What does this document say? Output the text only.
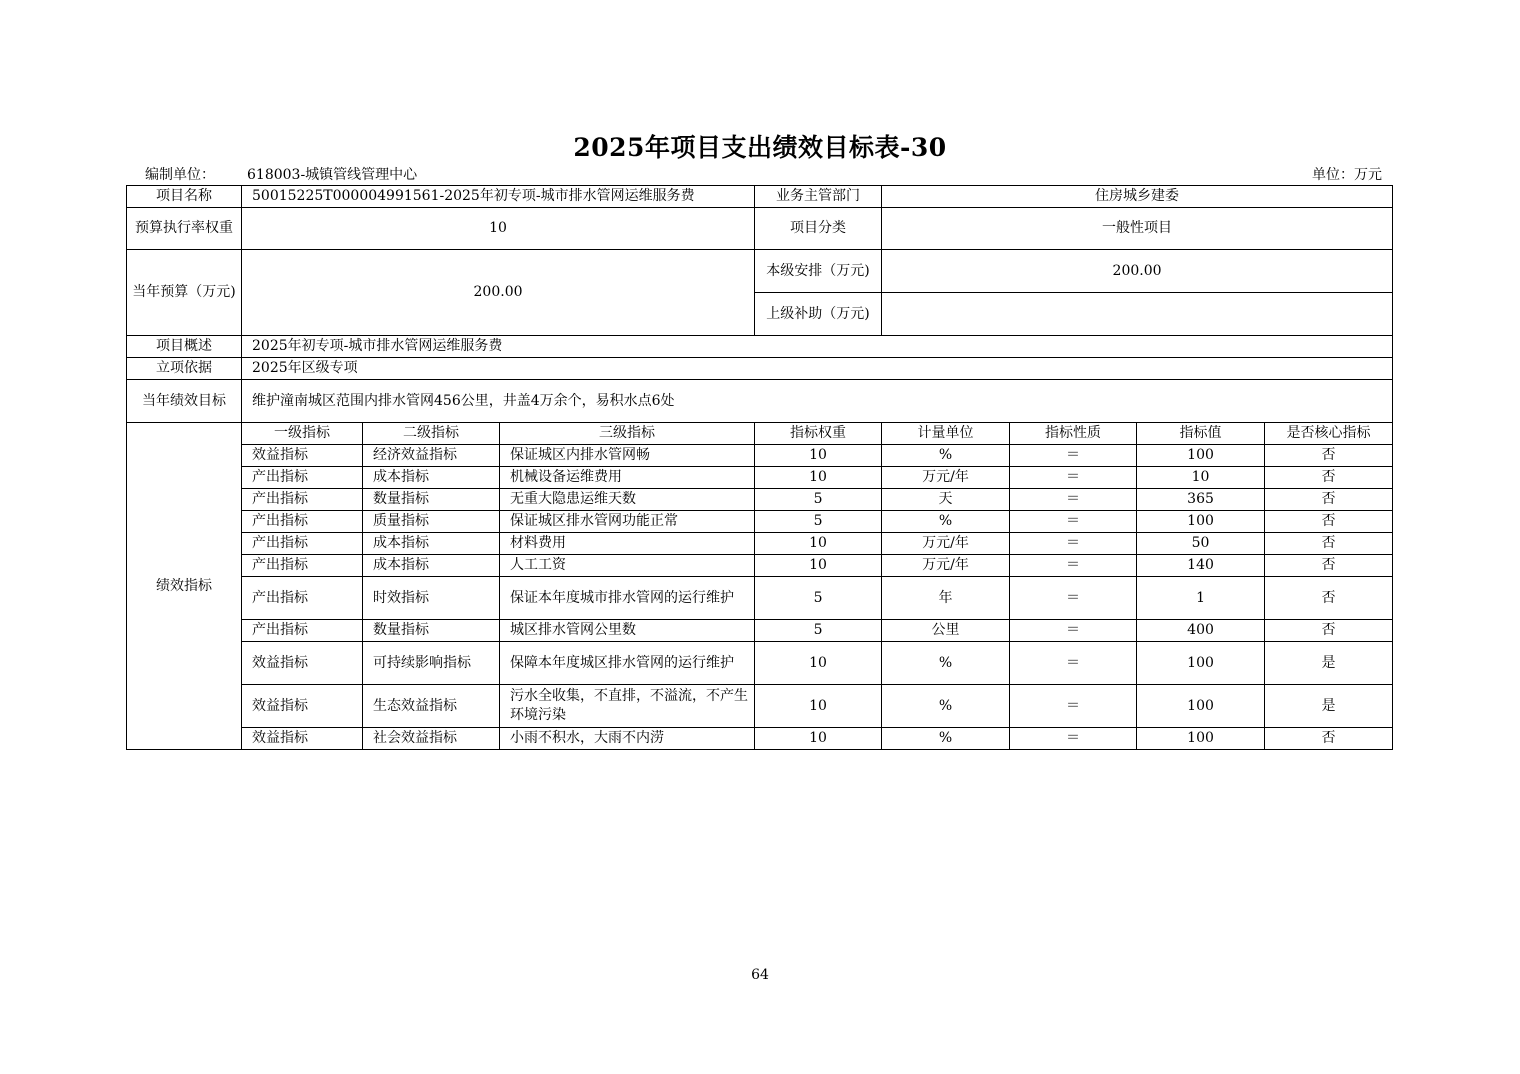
2025年项目支出绩效目标表-30
编制单位： 618003-城镇管线管理中心	单位：万元
项目名称	50015225T000004991561-2025年初专项-城市排水管网运维服务费			业务主管部门	住房城乡建委			
预算执行率权重	10			项目分类	一般性项目			
当年预算（万元)	200.00			本级安排（万元)	200.00			
				上级补助（万元)				
项目概述	2025年初专项-城市排水管网运维服务费							
立项依据	2025年区级专项							
当年绩效目标	维护潼南城区范围内排水管网456公里，井盖4万余个，易积水点6处							
绩效指标	一级指标	二级指标	三级指标	指标权重	计量单位	指标性质	指标值	是否核心指标
	效益指标	经济效益指标	保证城区内排水管网畅	10	%	＝	100	否
	产出指标	成本指标	机械设备运维费用	10	万元/年	＝	10	否
	产出指标	数量指标	无重大隐患运维天数	5	天	＝	365	否
	产出指标	质量指标	保证城区排水管网功能正常	5	%	＝	100	否
	产出指标	成本指标	材料费用	10	万元/年	＝	50	否
	产出指标	成本指标	人工工资	10	万元/年	＝	140	否
	产出指标	时效指标	保证本年度城市排水管网的运行维护	5	年	＝	1	否
	产出指标	数量指标	城区排水管网公里数	5	公里	＝	400	否
	效益指标	可持续影响指标	保障本年度城区排水管网的运行维护	10	%	＝	100	是
	效益指标	生态效益指标	污水全收集，不直排，不溢流，不产生环境污染	10	%	＝	100	是
	效益指标	社会效益指标	小雨不积水，大雨不内涝	10	%	＝	100	否
64
